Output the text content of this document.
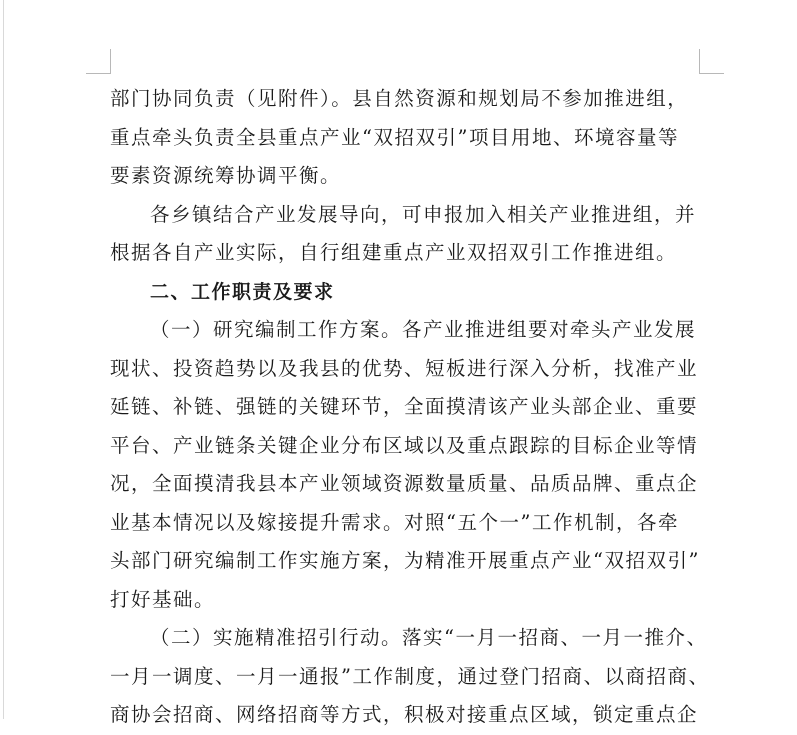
部门协同负责（见附件）。县自然资源和规划局不参加推进组，
重点牵头负责全县重点产业“双招双引”项目用地、环境容量等
要素资源统筹协调平衡。
各乡镇结合产业发展导向，可申报加入相关产业推进组，并
根据各自产业实际，自行组建重点产业双招双引工作推进组。
二、工作职责及要求
（一）研究编制工作方案。各产业推进组要对牵头产业发展
现状、投资趋势以及我县的优势、短板进行深入分析，找准产业
延链、补链、强链的关键环节，全面摸清该产业头部企业、重要
平台、产业链条关键企业分布区域以及重点跟踪的目标企业等情
况，全面摸清我县本产业领域资源数量质量、品质品牌、重点企
业基本情况以及嫁接提升需求。对照“五个一”工作机制，各牵
头部门研究编制工作实施方案，为精准开展重点产业“双招双引”
打好基础。
（二）实施精准招引行动。落实“一月一招商、一月一推介、
一月一调度、一月一通报”工作制度，通过登门招商、以商招商、
商协会招商、网络招商等方式，积极对接重点区域，锁定重点企
